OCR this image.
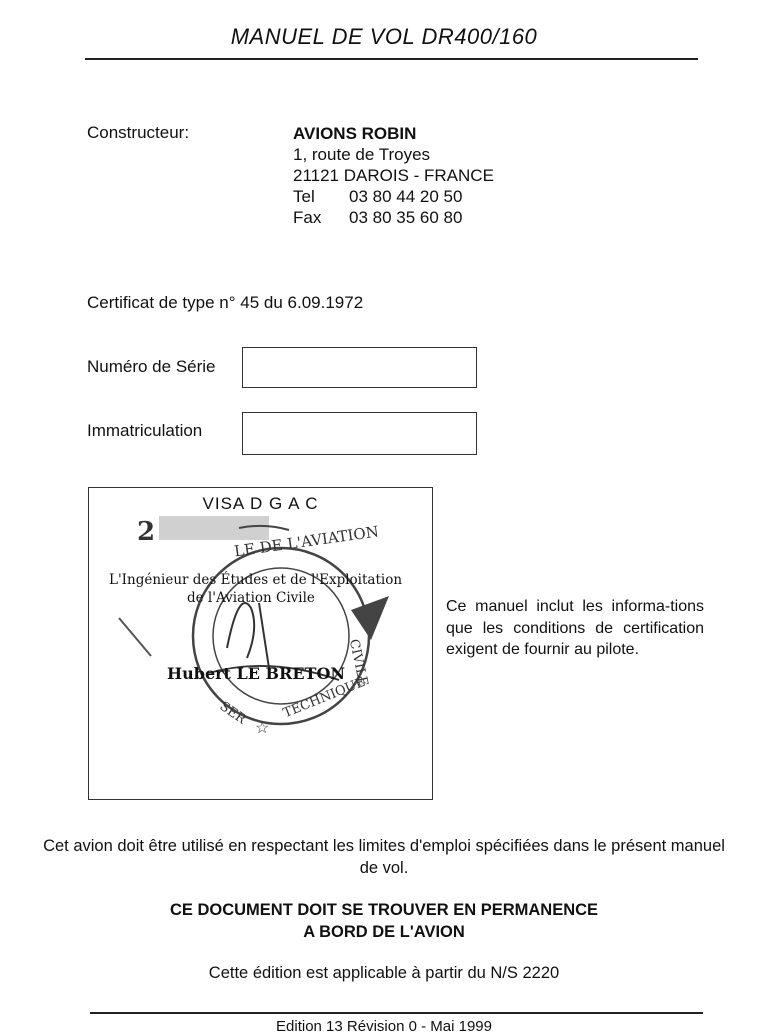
MANUEL DE VOL DR400/160
Constructeur:	AVIONS ROBIN
1, route de Troyes
21121 DAROIS - FRANCE
Tel 03 80 44 20 50
Fax 03 80 35 60 80
Certificat de type n° 45 du 6.09.1972
Numéro de Série
Immatriculation
VISA D G A C
2	LE DE L'AVIATION
CIVILE
TECHNIQUE
SER
☆
L'Ingénieur des Études et de l'Exploitation
de l'Aviation Civile
Hubert LE BRETON
Ce manuel inclut les informa-tions que les conditions de certification exigent de fournir au pilote.
Cet avion doit être utilisé en respectant les limites d'emploi spécifiées dans le présent manuel de vol.
CE DOCUMENT DOIT SE TROUVER EN PERMANENCE
A BORD DE L'AVION
Cette édition est applicable à partir du N/S 2220
Edition 13 Révision 0 - Mai 1999
